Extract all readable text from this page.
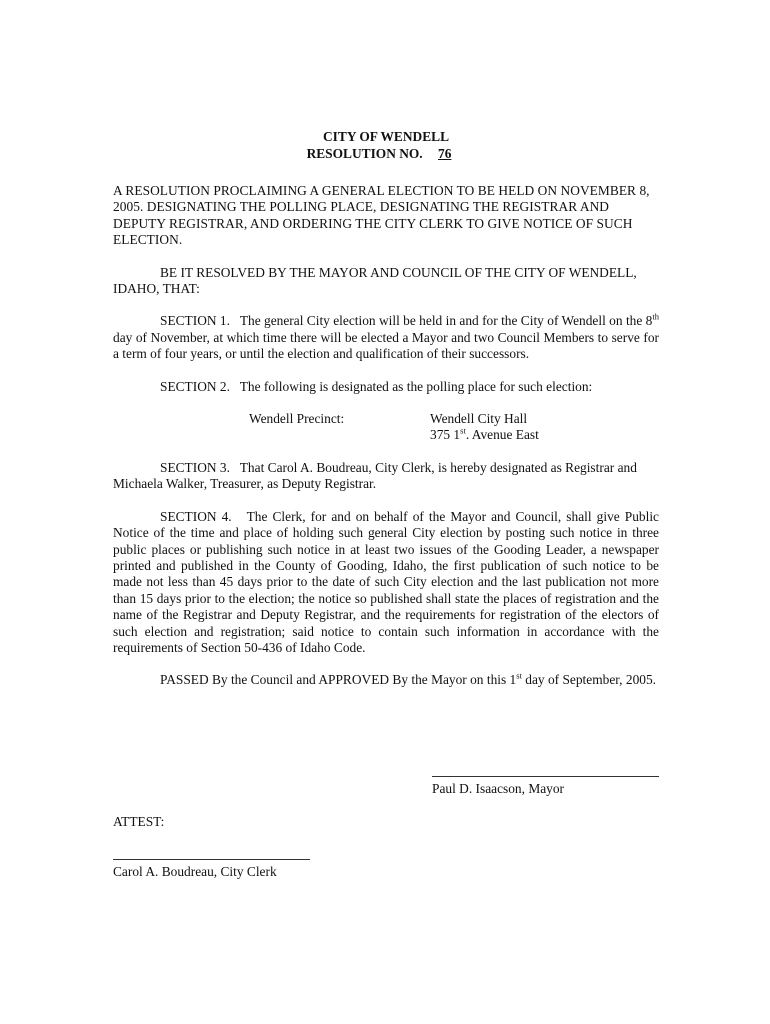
CITY OF WENDELL

RESOLUTION NO. 76

A RESOLUTION PROCLAIMING A GENERAL ELECTION TO BE HELD ON NOVEMBER 8, 2005. DESIGNATING THE POLLING PLACE, DESIGNATING THE REGISTRAR AND DEPUTY REGISTRAR, AND ORDERING THE CITY CLERK TO GIVE NOTICE OF SUCH ELECTION.
BE IT RESOLVED BY THE MAYOR AND COUNCIL OF THE CITY OF WENDELL, IDAHO, THAT:
SECTION 1. The general City election will be held in and for the City of Wendell on the 8th day of November, at which time there will be elected a Mayor and two Council Members to serve for a term of four years, or until the election and qualification of their successors.
SECTION 2. The following is designated as the polling place for such election:
Wendell Precinct:	Wendell City Hall
375 1st. Avenue East
SECTION 3. That Carol A. Boudreau, City Clerk, is hereby designated as Registrar and Michaela Walker, Treasurer, as Deputy Registrar.
SECTION 4. The Clerk, for and on behalf of the Mayor and Council, shall give Public Notice of the time and place of holding such general City election by posting such notice in three public places or publishing such notice in at least two issues of the Gooding Leader, a newspaper printed and published in the County of Gooding, Idaho, the first publication of such notice to be made not less than 45 days prior to the date of such City election and the last publication not more than 15 days prior to the election; the notice so published shall state the places of registration and the name of the Registrar and Deputy Registrar, and the requirements for registration of the electors of such election and registration; said notice to contain such information in accordance with the requirements of Section 50-436 of Idaho Code.
PASSED By the Council and APPROVED By the Mayor on this 1st day of September, 2005.
Paul D. Isaacson, Mayor
ATTEST:
Carol A. Boudreau, City Clerk
